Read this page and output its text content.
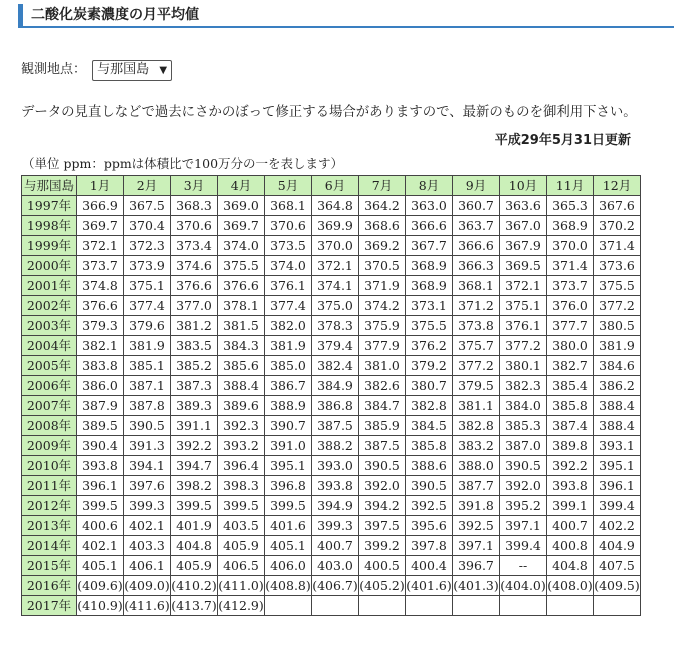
二酸化炭素濃度の月平均値
観測地点： 与那国島 ▼
データの見直しなどで過去にさかのぼって修正する場合がありますので、最新のものを御利用下さい。
平成29年5月31日更新
（単位 ppm：ppmは体積比で100万分の一を表します）
与那国島	1月	2月	3月	4月	5月	6月	7月	8月	9月	10月	11月	12月
1997年	366.9	367.5	368.3	369.0	368.1	364.8	364.2	363.0	360.7	363.6	365.3	367.6
1998年	369.7	370.4	370.6	369.7	370.6	369.9	368.6	366.6	363.7	367.0	368.9	370.2
1999年	372.1	372.3	373.4	374.0	373.5	370.0	369.2	367.7	366.6	367.9	370.0	371.4
2000年	373.7	373.9	374.6	375.5	374.0	372.1	370.5	368.9	366.3	369.5	371.4	373.6
2001年	374.8	375.1	376.6	376.6	376.1	374.1	371.9	368.9	368.1	372.1	373.7	375.5
2002年	376.6	377.4	377.0	378.1	377.4	375.0	374.2	373.1	371.2	375.1	376.0	377.2
2003年	379.3	379.6	381.2	381.5	382.0	378.3	375.9	375.5	373.8	376.1	377.7	380.5
2004年	382.1	381.9	383.5	384.3	381.9	379.4	377.9	376.2	375.7	377.2	380.0	381.9
2005年	383.8	385.1	385.2	385.6	385.0	382.4	381.0	379.2	377.2	380.1	382.7	384.6
2006年	386.0	387.1	387.3	388.4	386.7	384.9	382.6	380.7	379.5	382.3	385.4	386.2
2007年	387.9	387.8	389.3	389.6	388.9	386.8	384.7	382.8	381.1	384.0	385.8	388.4
2008年	389.5	390.5	391.1	392.3	390.7	387.5	385.9	384.5	382.8	385.3	387.4	388.4
2009年	390.4	391.3	392.2	393.2	391.0	388.2	387.5	385.8	383.2	387.0	389.8	393.1
2010年	393.8	394.1	394.7	396.4	395.1	393.0	390.5	388.6	388.0	390.5	392.2	395.1
2011年	396.1	397.6	398.2	398.3	396.8	393.8	392.0	390.5	387.7	392.0	393.8	396.1
2012年	399.5	399.3	399.5	399.5	399.5	394.9	394.2	392.5	391.8	395.2	399.1	399.4
2013年	400.6	402.1	401.9	403.5	401.6	399.3	397.5	395.6	392.5	397.1	400.7	402.2
2014年	402.1	403.3	404.8	405.9	405.1	400.7	399.2	397.8	397.1	399.4	400.8	404.9
2015年	405.1	406.1	405.9	406.5	406.0	403.0	400.5	400.4	396.7	--	404.8	407.5
2016年	(409.6)	(409.0)	(410.2)	(411.0)	(408.8)	(406.7)	(405.2)	(401.6)	(401.3)	(404.0)	(408.0)	(409.5)
2017年	(410.9)	(411.6)	(413.7)	(412.9)								
